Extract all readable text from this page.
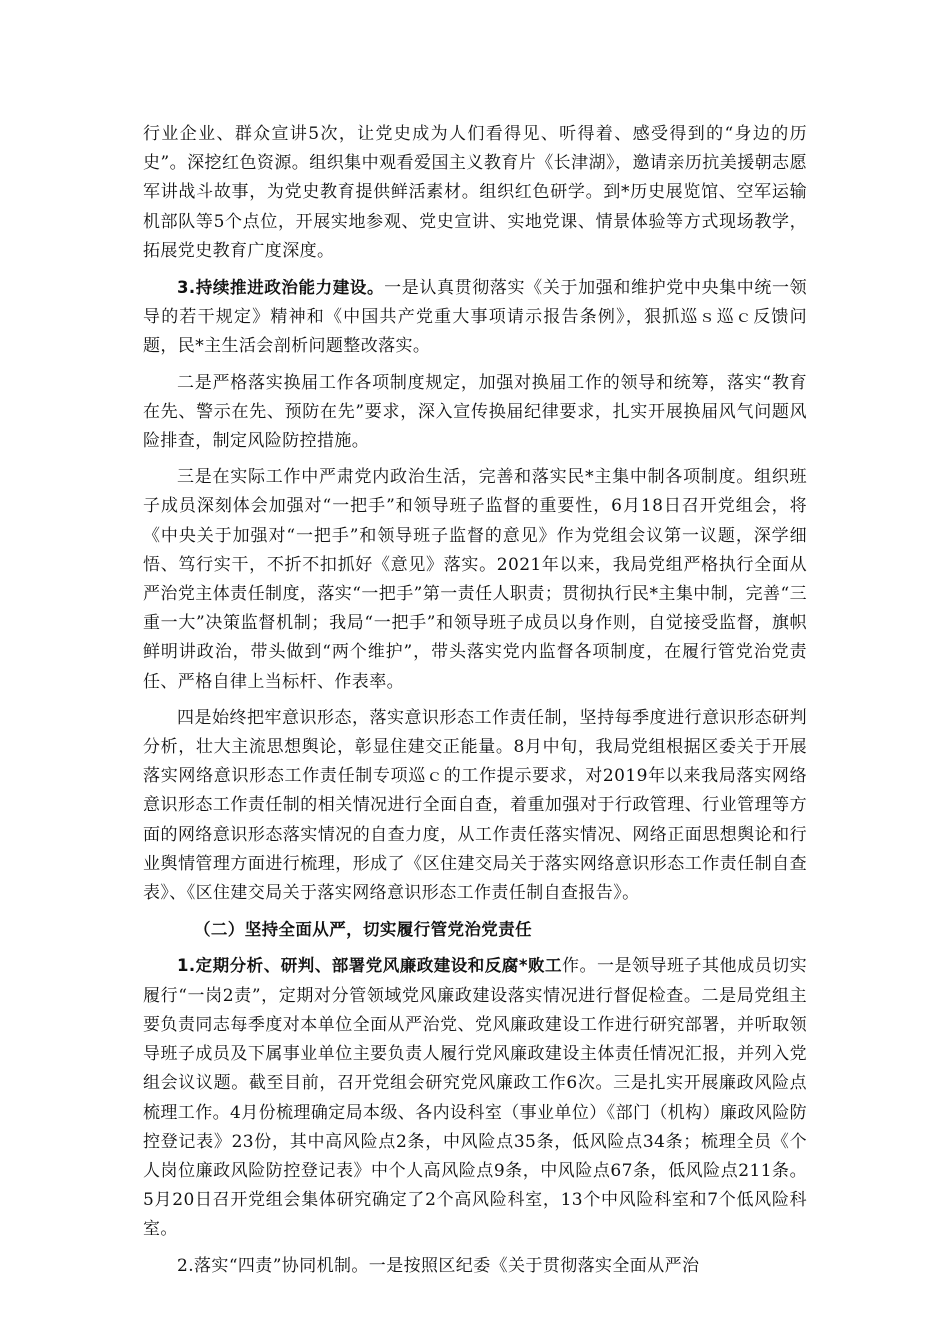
行业企业、群众宣讲5次，让党史成为人们看得见、听得着、感受得到的“身边的历史”。深挖红色资源。组织集中观看爱国主义教育片《长津湖》，邀请亲历抗美援朝志愿军讲战斗故事，为党史教育提供鲜活素材。组织红色研学。到*历史展览馆、空军运输机部队等5个点位，开展实地参观、党史宣讲、实地党课、情景体验等方式现场教学，拓展党史教育广度深度。

3.持续推进政治能力建设。一是认真贯彻落实《关于加强和维护党中央集中统一领导的若干规定》精神和《中国共产党重大事项请示报告条例》，狠抓巡ｓ巡ｃ反馈问题，民*主生活会剖析问题整改落实。

二是严格落实换届工作各项制度规定，加强对换届工作的领导和统筹，落实“教育在先、警示在先、预防在先”要求，深入宣传换届纪律要求，扎实开展换届风气问题风险排查，制定风险防控措施。

三是在实际工作中严肃党内政治生活，完善和落实民*主集中制各项制度。组织班子成员深刻体会加强对“一把手”和领导班子监督的重要性，6月18日召开党组会，将《中央关于加强对“一把手”和领导班子监督的意见》作为党组会议第一议题，深学细悟、笃行实干，不折不扣抓好《意见》落实。2021年以来，我局党组严格执行全面从严治党主体责任制度，落实“一把手”第一责任人职责；贯彻执行民*主集中制，完善“三重一大”决策监督机制；我局“一把手”和领导班子成员以身作则，自觉接受监督，旗帜鲜明讲政治，带头做到“两个维护”，带头落实党内监督各项制度，在履行管党治党责任、严格自律上当标杆、作表率。

四是始终把牢意识形态，落实意识形态工作责任制，坚持每季度进行意识形态研判分析，壮大主流思想舆论，彰显住建交正能量。8月中旬，我局党组根据区委关于开展落实网络意识形态工作责任制专项巡ｃ的工作提示要求，对2019年以来我局落实网络意识形态工作责任制的相关情况进行全面自查，着重加强对于行政管理、行业管理等方面的网络意识形态落实情况的自查力度，从工作责任落实情况、网络正面思想舆论和行业舆情管理方面进行梳理，形成了《区住建交局关于落实网络意识形态工作责任制自查表》、《区住建交局关于落实网络意识形态工作责任制自查报告》。

（二）坚持全面从严，切实履行管党治党责任

1.定期分析、研判、部署党风廉政建设和反腐*败工作。一是领导班子其他成员切实履行“一岗2责”，定期对分管领域党风廉政建设落实情况进行督促检查。二是局党组主要负责同志每季度对本单位全面从严治党、党风廉政建设工作进行研究部署，并听取领导班子成员及下属事业单位主要负责人履行党风廉政建设主体责任情况汇报，并列入党组会议议题。截至目前，召开党组会研究党风廉政工作6次。三是扎实开展廉政风险点梳理工作。4月份梳理确定局本级、各内设科室（事业单位）《部门（机构）廉政风险防控登记表》23份，其中高风险点2条，中风险点35条，低风险点34条；梳理全员《个人岗位廉政风险防控登记表》中个人高风险点9条，中风险点67条，低风险点211条。5月20日召开党组会集体研究确定了2个高风险科室，13个中风险科室和7个低风险科室。

2.落实“四责”协同机制。一是按照区纪委《关于贯彻落实全面从严治
